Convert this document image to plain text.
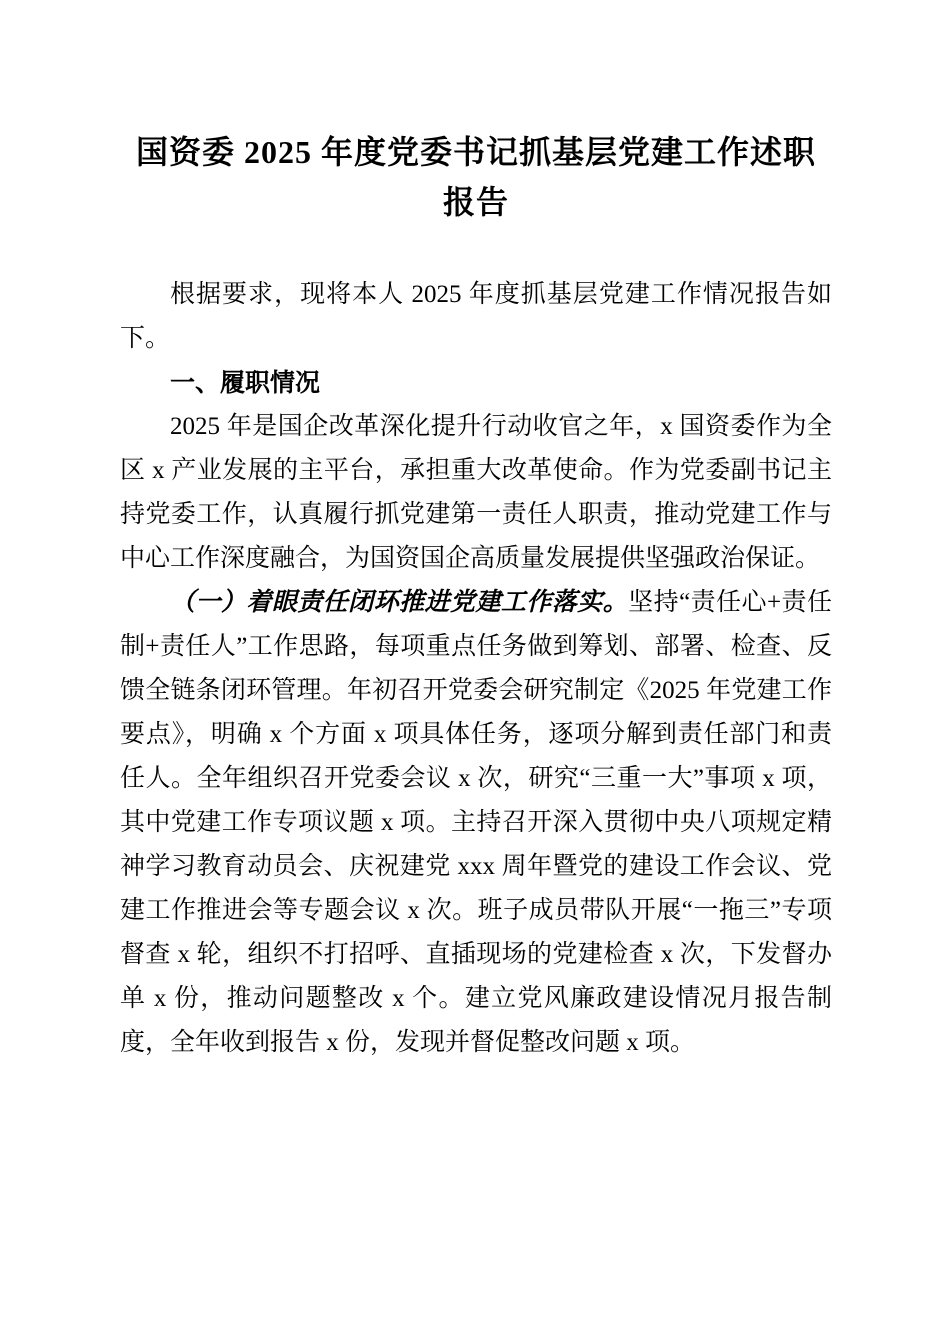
国资委 2025 年度党委书记抓基层党建工作述职报告

根据要求，现将本人 2025 年度抓基层党建工作情况报告如下。

一、履职情况

2025 年是国企改革深化提升行动收官之年，x 国资委作为全区 x 产业发展的主平台，承担重大改革使命。作为党委副书记主持党委工作，认真履行抓党建第一责任人职责，推动党建工作与中心工作深度融合，为国资国企高质量发展提供坚强政治保证。

（一）着眼责任闭环推进党建工作落实。坚持“责任心+责任制+责任人”工作思路，每项重点任务做到筹划、部署、检查、反馈全链条闭环管理。年初召开党委会研究制定《2025 年党建工作要点》，明确 x 个方面 x 项具体任务，逐项分解到责任部门和责任人。全年组织召开党委会议 x 次，研究“三重一大”事项 x 项，其中党建工作专项议题 x 项。主持召开深入贯彻中央八项规定精神学习教育动员会、庆祝建党 xxx 周年暨党的建设工作会议、党建工作推进会等专题会议 x 次。班子成员带队开展“一拖三”专项督查 x 轮，组织不打招呼、直插现场的党建检查 x 次，下发督办单 x 份，推动问题整改 x 个。建立党风廉政建设情况月报告制度，全年收到报告 x 份，发现并督促整改问题 x 项。
